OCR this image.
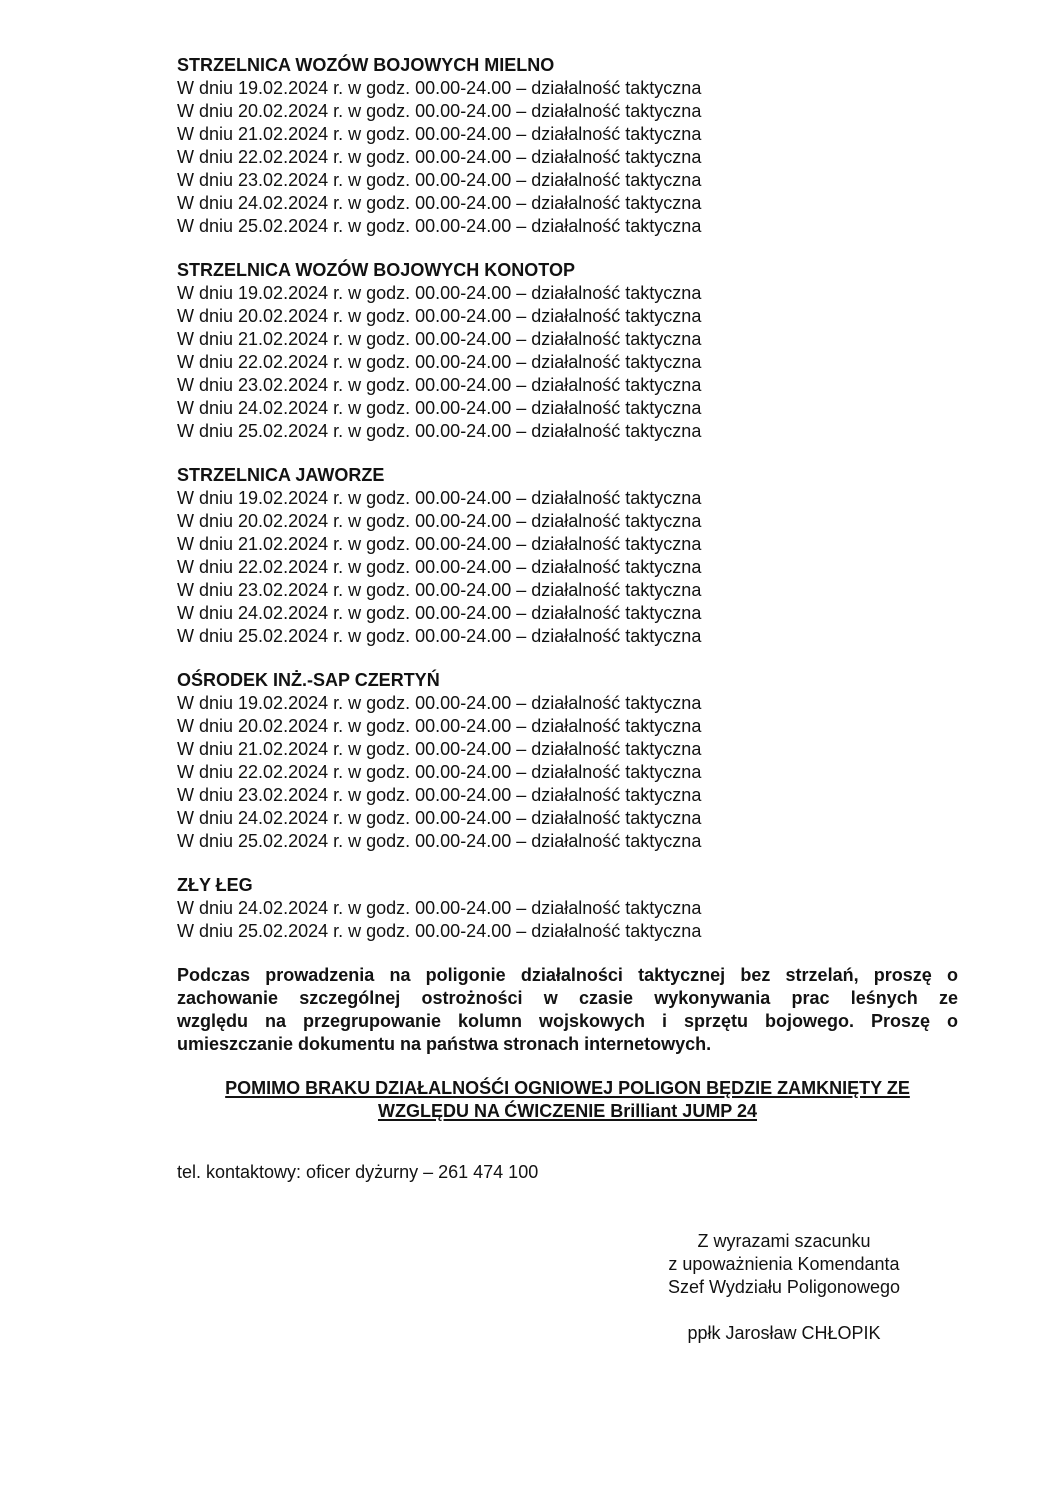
STRZELNICA WOZÓW BOJOWYCH MIELNO
W dniu 19.02.2024 r. w godz. 00.00-24.00 – działalność taktyczna
W dniu 20.02.2024 r. w godz. 00.00-24.00 – działalność taktyczna
W dniu 21.02.2024 r. w godz. 00.00-24.00 – działalność taktyczna
W dniu 22.02.2024 r. w godz. 00.00-24.00 – działalność taktyczna
W dniu 23.02.2024 r. w godz. 00.00-24.00 – działalność taktyczna
W dniu 24.02.2024 r. w godz. 00.00-24.00 – działalność taktyczna
W dniu 25.02.2024 r. w godz. 00.00-24.00 – działalność taktyczna
STRZELNICA WOZÓW BOJOWYCH KONOTOP
W dniu 19.02.2024 r. w godz. 00.00-24.00 – działalność taktyczna
W dniu 20.02.2024 r. w godz. 00.00-24.00 – działalność taktyczna
W dniu 21.02.2024 r. w godz. 00.00-24.00 – działalność taktyczna
W dniu 22.02.2024 r. w godz. 00.00-24.00 – działalność taktyczna
W dniu 23.02.2024 r. w godz. 00.00-24.00 – działalność taktyczna
W dniu 24.02.2024 r. w godz. 00.00-24.00 – działalność taktyczna
W dniu 25.02.2024 r. w godz. 00.00-24.00 – działalność taktyczna
STRZELNICA JAWORZE
W dniu 19.02.2024 r. w godz. 00.00-24.00 – działalność taktyczna
W dniu 20.02.2024 r. w godz. 00.00-24.00 – działalność taktyczna
W dniu 21.02.2024 r. w godz. 00.00-24.00 – działalność taktyczna
W dniu 22.02.2024 r. w godz. 00.00-24.00 – działalność taktyczna
W dniu 23.02.2024 r. w godz. 00.00-24.00 – działalność taktyczna
W dniu 24.02.2024 r. w godz. 00.00-24.00 – działalność taktyczna
W dniu 25.02.2024 r. w godz. 00.00-24.00 – działalność taktyczna
OŚRODEK INŻ.-SAP CZERTYŃ
W dniu 19.02.2024 r. w godz. 00.00-24.00 – działalność taktyczna
W dniu 20.02.2024 r. w godz. 00.00-24.00 – działalność taktyczna
W dniu 21.02.2024 r. w godz. 00.00-24.00 – działalność taktyczna
W dniu 22.02.2024 r. w godz. 00.00-24.00 – działalność taktyczna
W dniu 23.02.2024 r. w godz. 00.00-24.00 – działalność taktyczna
W dniu 24.02.2024 r. w godz. 00.00-24.00 – działalność taktyczna
W dniu 25.02.2024 r. w godz. 00.00-24.00 – działalność taktyczna
ZŁY ŁEG
W dniu 24.02.2024 r. w godz. 00.00-24.00 – działalność taktyczna
W dniu 25.02.2024 r. w godz. 00.00-24.00 – działalność taktyczna
Podczas prowadzenia na poligonie działalności taktycznej bez strzelań, proszę o
zachowanie szczególnej ostrożności w czasie wykonywania prac leśnych ze
względu na przegrupowanie kolumn wojskowych i sprzętu bojowego. Proszę o
umieszczanie dokumentu na państwa stronach internetowych.
POMIMO BRAKU DZIAŁALNOŚĆI OGNIOWEJ POLIGON BĘDZIE ZAMKNIĘTY ZE
WZGLĘDU NA ĆWICZENIE Brilliant JUMP 24
tel. kontaktowy: oficer dyżurny – 261 474 100
Z wyrazami szacunku
z upoważnienia Komendanta
Szef Wydziału Poligonowego
ppłk Jarosław CHŁOPIK
